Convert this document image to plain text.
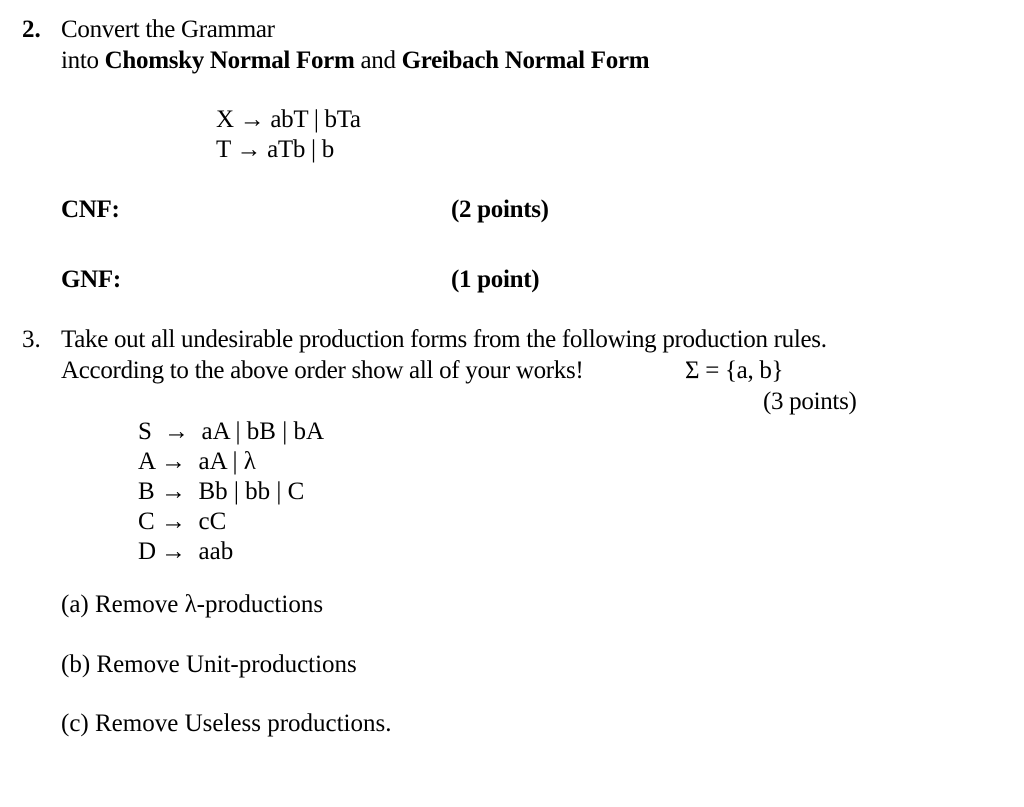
2. Convert the Grammar
into Chomsky Normal Form and Greibach Normal Form
X → abT | bTa
T → aTb | b
CNF:	(2 points)
GNF:	(1 point)
3. Take out all undesirable production forms from the following production rules.
According to the above order show all of your works!	Σ = {a, b}
(3 points)
S → aA | bB | bA
A → aA | λ
B → Bb | bb | C
C → cC
D → aab
(a) Remove λ-productions
(b) Remove Unit-productions
(c) Remove Useless productions.
